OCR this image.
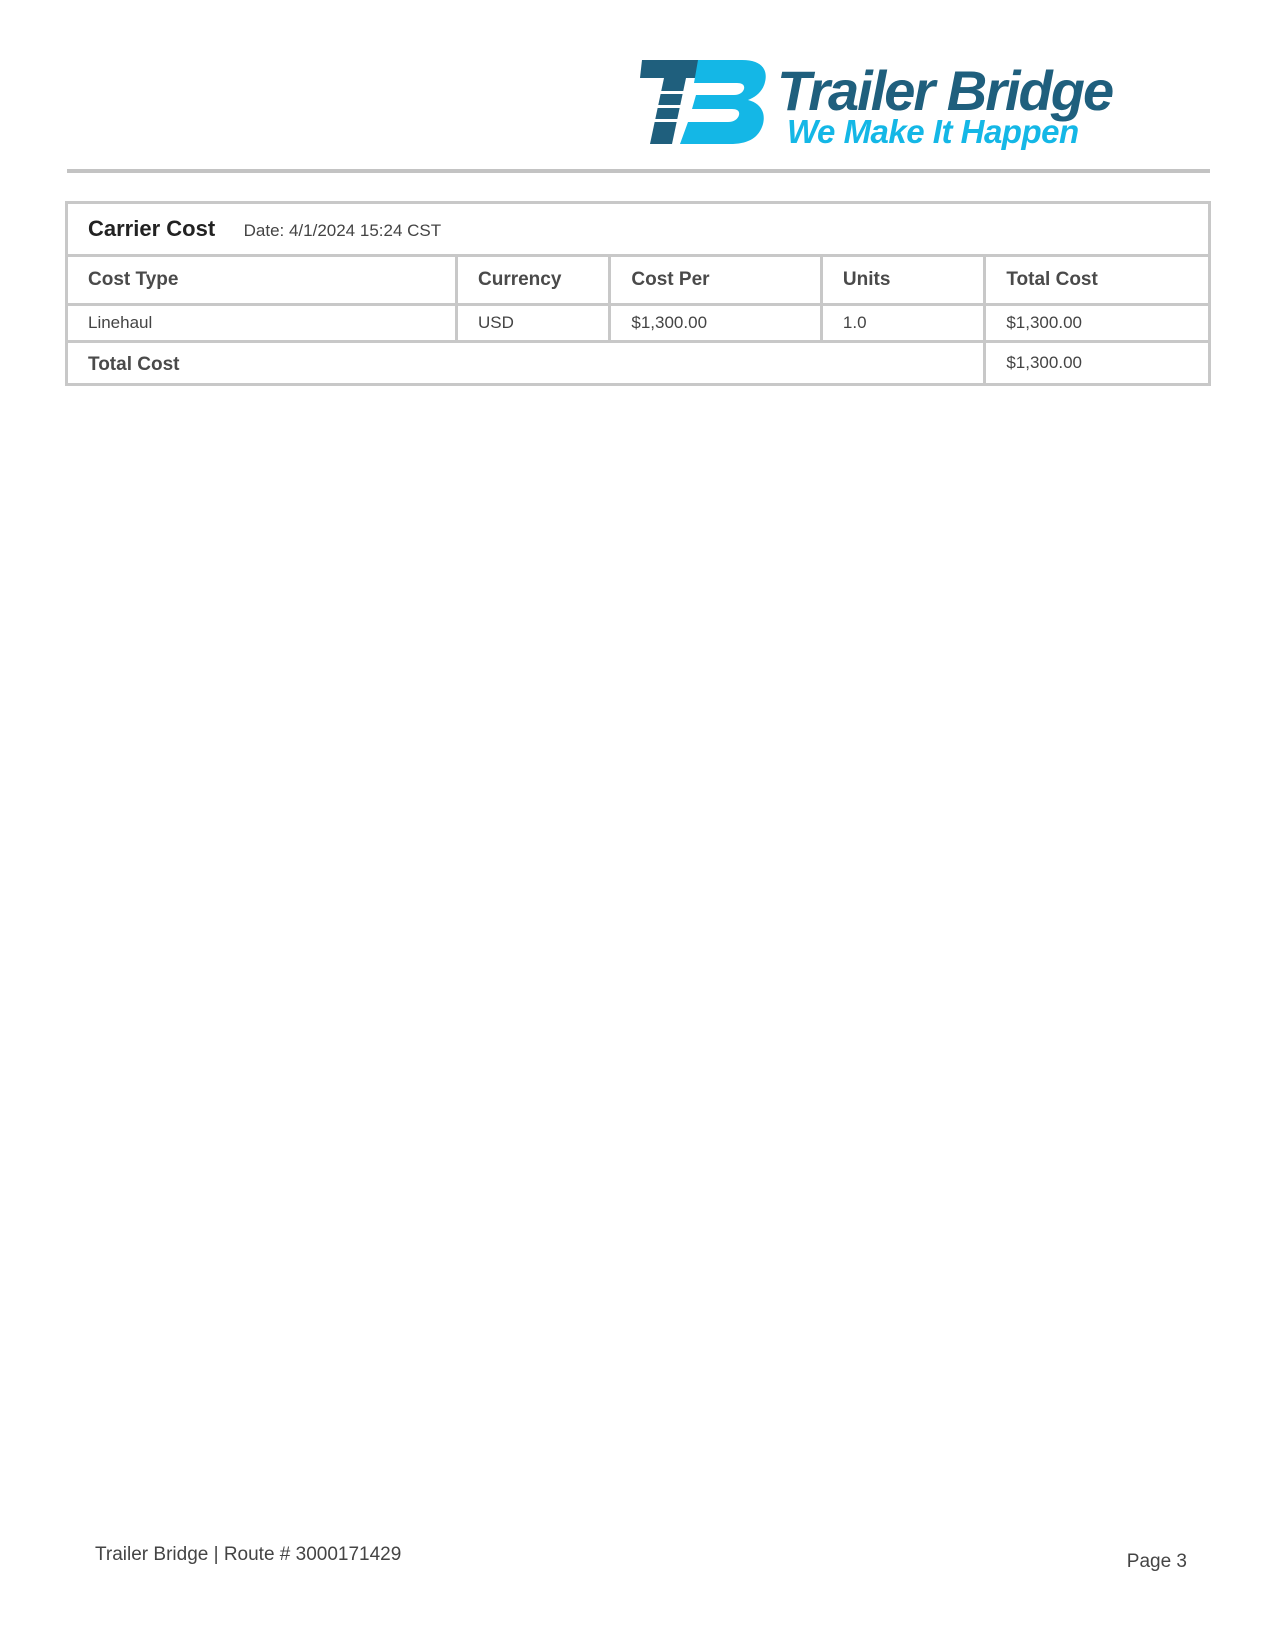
Trailer Bridge
We Make It Happen
Carrier Cost Date: 4/1/2024 15:24 CST				
Cost Type	Currency	Cost Per	Units	Total Cost
Linehaul	USD	$1,300.00	1.0	$1,300.00
Total Cost				$1,300.00
Trailer Bridge | Route # 3000171429	Page 3
